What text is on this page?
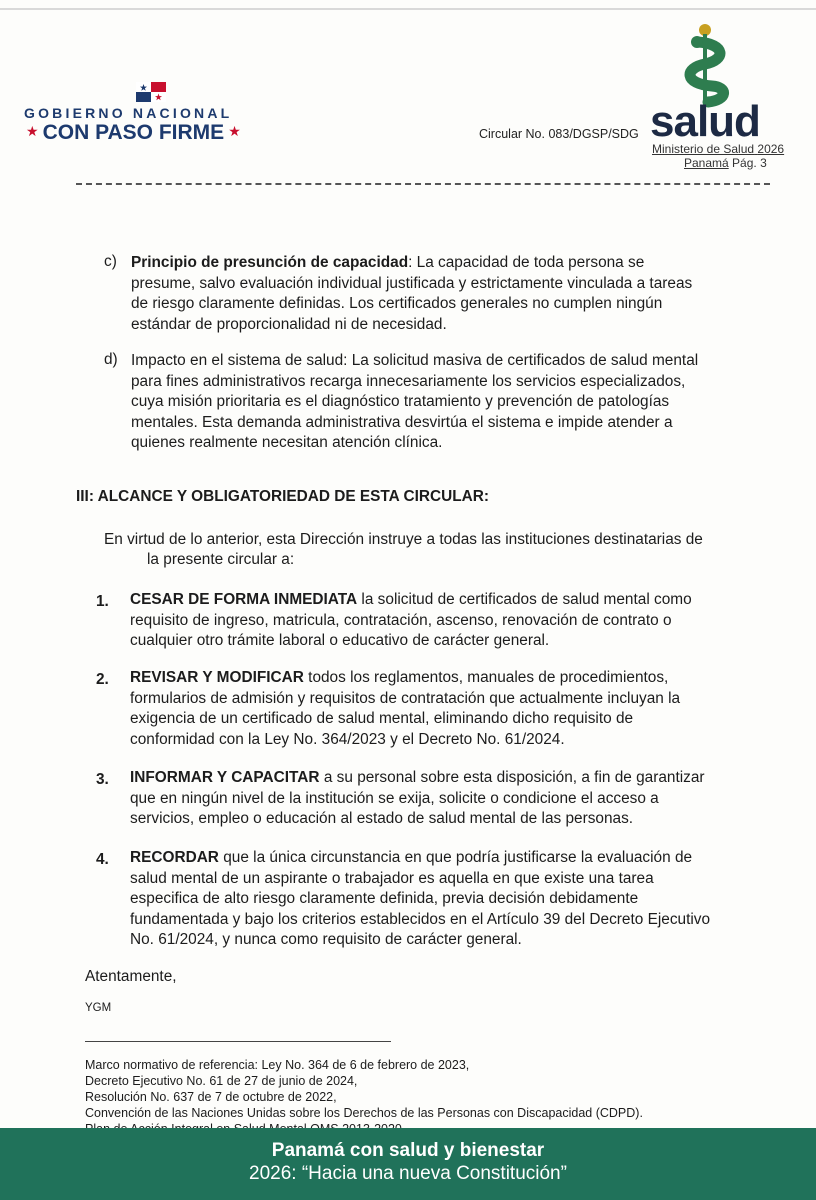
GOBIERNO NACIONAL
★ CON PASO FIRME ★	salud
Circular No. 083/DGSP/SDG
Ministerio de Salud 2026
Panamá Pág. 3
c) Principio de presunción de capacidad: La capacidad de toda persona se
presume, salvo evaluación individual justificada y estrictamente vinculada a tareas
de riesgo claramente definidas. Los certificados generales no cumplen ningún
estándar de proporcionalidad ni de necesidad.
d) Impacto en el sistema de salud: La solicitud masiva de certificados de salud mental
para fines administrativos recarga innecesariamente los servicios especializados,
cuya misión prioritaria es el diagnóstico tratamiento y prevención de patologías
mentales. Esta demanda administrativa desvirtúa el sistema e impide atender a
quienes realmente necesitan atención clínica.
III: ALCANCE Y OBLIGATORIEDAD DE ESTA CIRCULAR:
En virtud de lo anterior, esta Dirección instruye a todas las instituciones destinatarias de
la presente circular a:
1. CESAR DE FORMA INMEDIATA la solicitud de certificados de salud mental como
requisito de ingreso, matricula, contratación, ascenso, renovación de contrato o
cualquier otro trámite laboral o educativo de carácter general.
2. REVISAR Y MODIFICAR todos los reglamentos, manuales de procedimientos,
formularios de admisión y requisitos de contratación que actualmente incluyan la
exigencia de un certificado de salud mental, eliminando dicho requisito de
conformidad con la Ley No. 364/2023 y el Decreto No. 61/2024.
3. INFORMAR Y CAPACITAR a su personal sobre esta disposición, a fin de garantizar
que en ningún nivel de la institución se exija, solicite o condicione el acceso a
servicios, empleo o educación al estado de salud mental de las personas.
4. RECORDAR que la única circunstancia en que podría justificarse la evaluación de
salud mental de un aspirante o trabajador es aquella en que existe una tarea
especifica de alto riesgo claramente definida, previa decisión debidamente
fundamentada y bajo los criterios establecidos en el Artículo 39 del Decreto Ejecutivo
No. 61/2024, y nunca como requisito de carácter general.
Atentamente,
YGM
Marco normativo de referencia: Ley No. 364 de 6 de febrero de 2023,
Decreto Ejecutivo No. 61 de 27 de junio de 2024,
Resolución No. 637 de 7 de octubre de 2022,
Convención de las Naciones Unidas sobre los Derechos de las Personas con Discapacidad (CDPD).
Panamá con salud y bienestar
2026: “Hacia una nueva Constitución”
